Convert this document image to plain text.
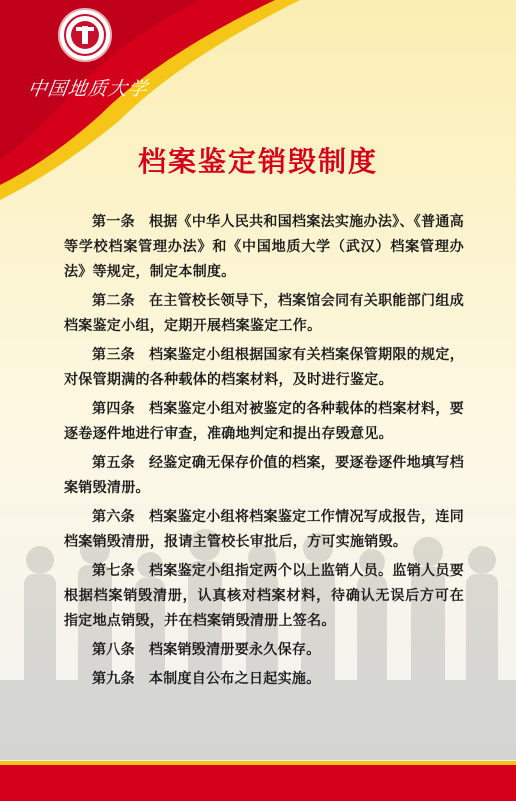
中国地质大学
档案鉴定销毁制度

第一条 根据《中华人民共和国档案法实施办法》、《普通高等学校档案管理办法》和《中国地质大学（武汉）档案管理办法》等规定，制定本制度。

第二条 在主管校长领导下，档案馆会同有关职能部门组成档案鉴定小组，定期开展档案鉴定工作。

第三条 档案鉴定小组根据国家有关档案保管期限的规定，对保管期满的各种载体的档案材料，及时进行鉴定。

第四条 档案鉴定小组对被鉴定的各种载体的档案材料，要逐卷逐件地进行审查，准确地判定和提出存毁意见。

第五条 经鉴定确无保存价值的档案，要逐卷逐件地填写档案销毁清册。

第六条 档案鉴定小组将档案鉴定工作情况写成报告，连同档案销毁清册，报请主管校长审批后，方可实施销毁。

第七条 档案鉴定小组指定两个以上监销人员。监销人员要根据档案销毁清册，认真核对档案材料，待确认无误后方可在指定地点销毁，并在档案销毁清册上签名。

第八条 档案销毁清册要永久保存。

第九条 本制度自公布之日起实施。
